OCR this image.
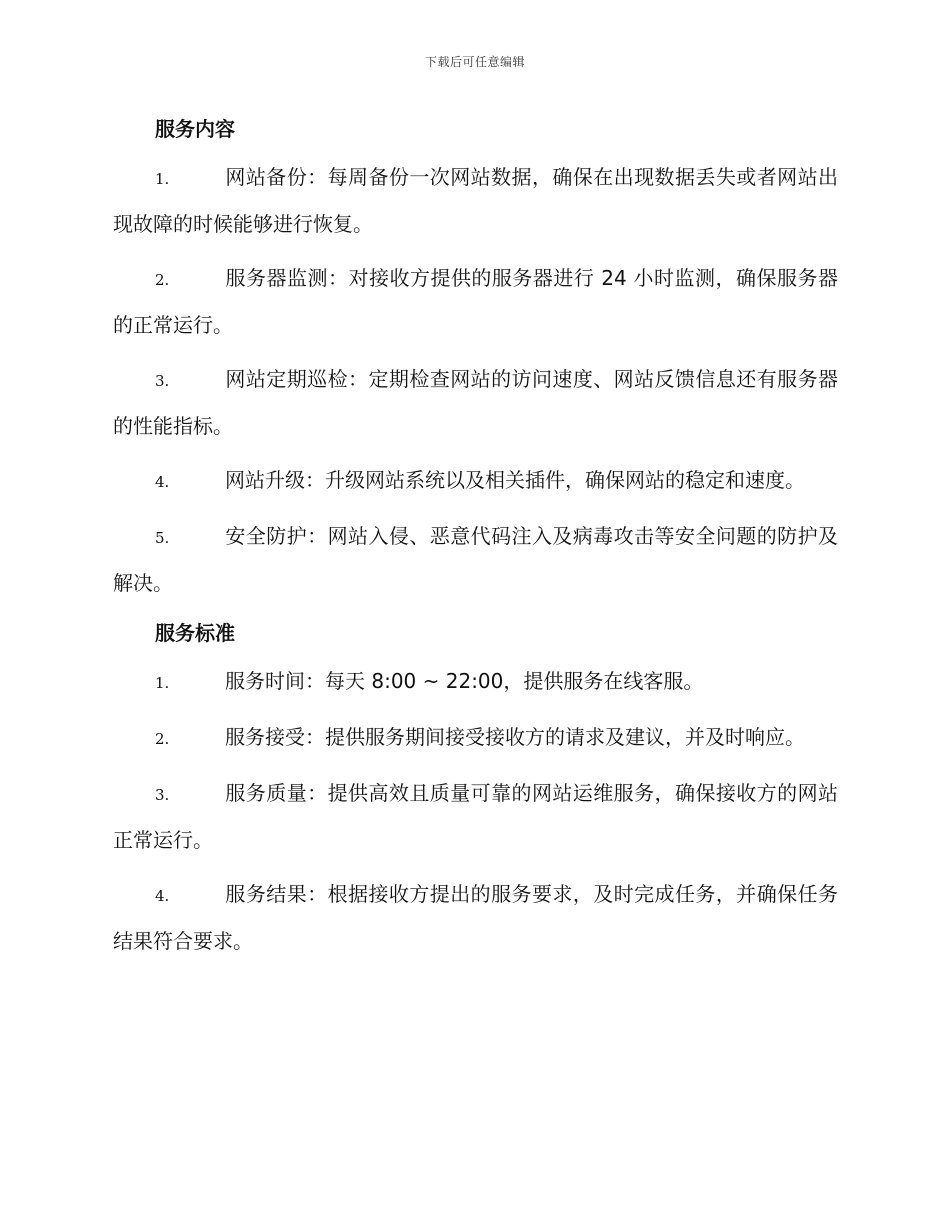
下载后可任意编辑
服务内容

1.	网站备份：每周备份一次网站数据，确保在出现数据丢失或者网站出现故障的时候能够进行恢复。

2.	服务器监测：对接收方提供的服务器进行 24 小时监测，确保服务器的正常运行。

3.	网站定期巡检：定期检查网站的访问速度、网站反馈信息还有服务器的性能指标。

4.	网站升级：升级网站系统以及相关插件，确保网站的稳定和速度。

5.	安全防护：网站入侵、恶意代码注入及病毒攻击等安全问题的防护及解决。

服务标准

1.	服务时间：每天 8:00 ~ 22:00，提供服务在线客服。

2.	服务接受：提供服务期间接受接收方的请求及建议，并及时响应。

3.	服务质量：提供高效且质量可靠的网站运维服务，确保接收方的网站正常运行。

4.	服务结果：根据接收方提出的服务要求，及时完成任务，并确保任务结果符合要求。
